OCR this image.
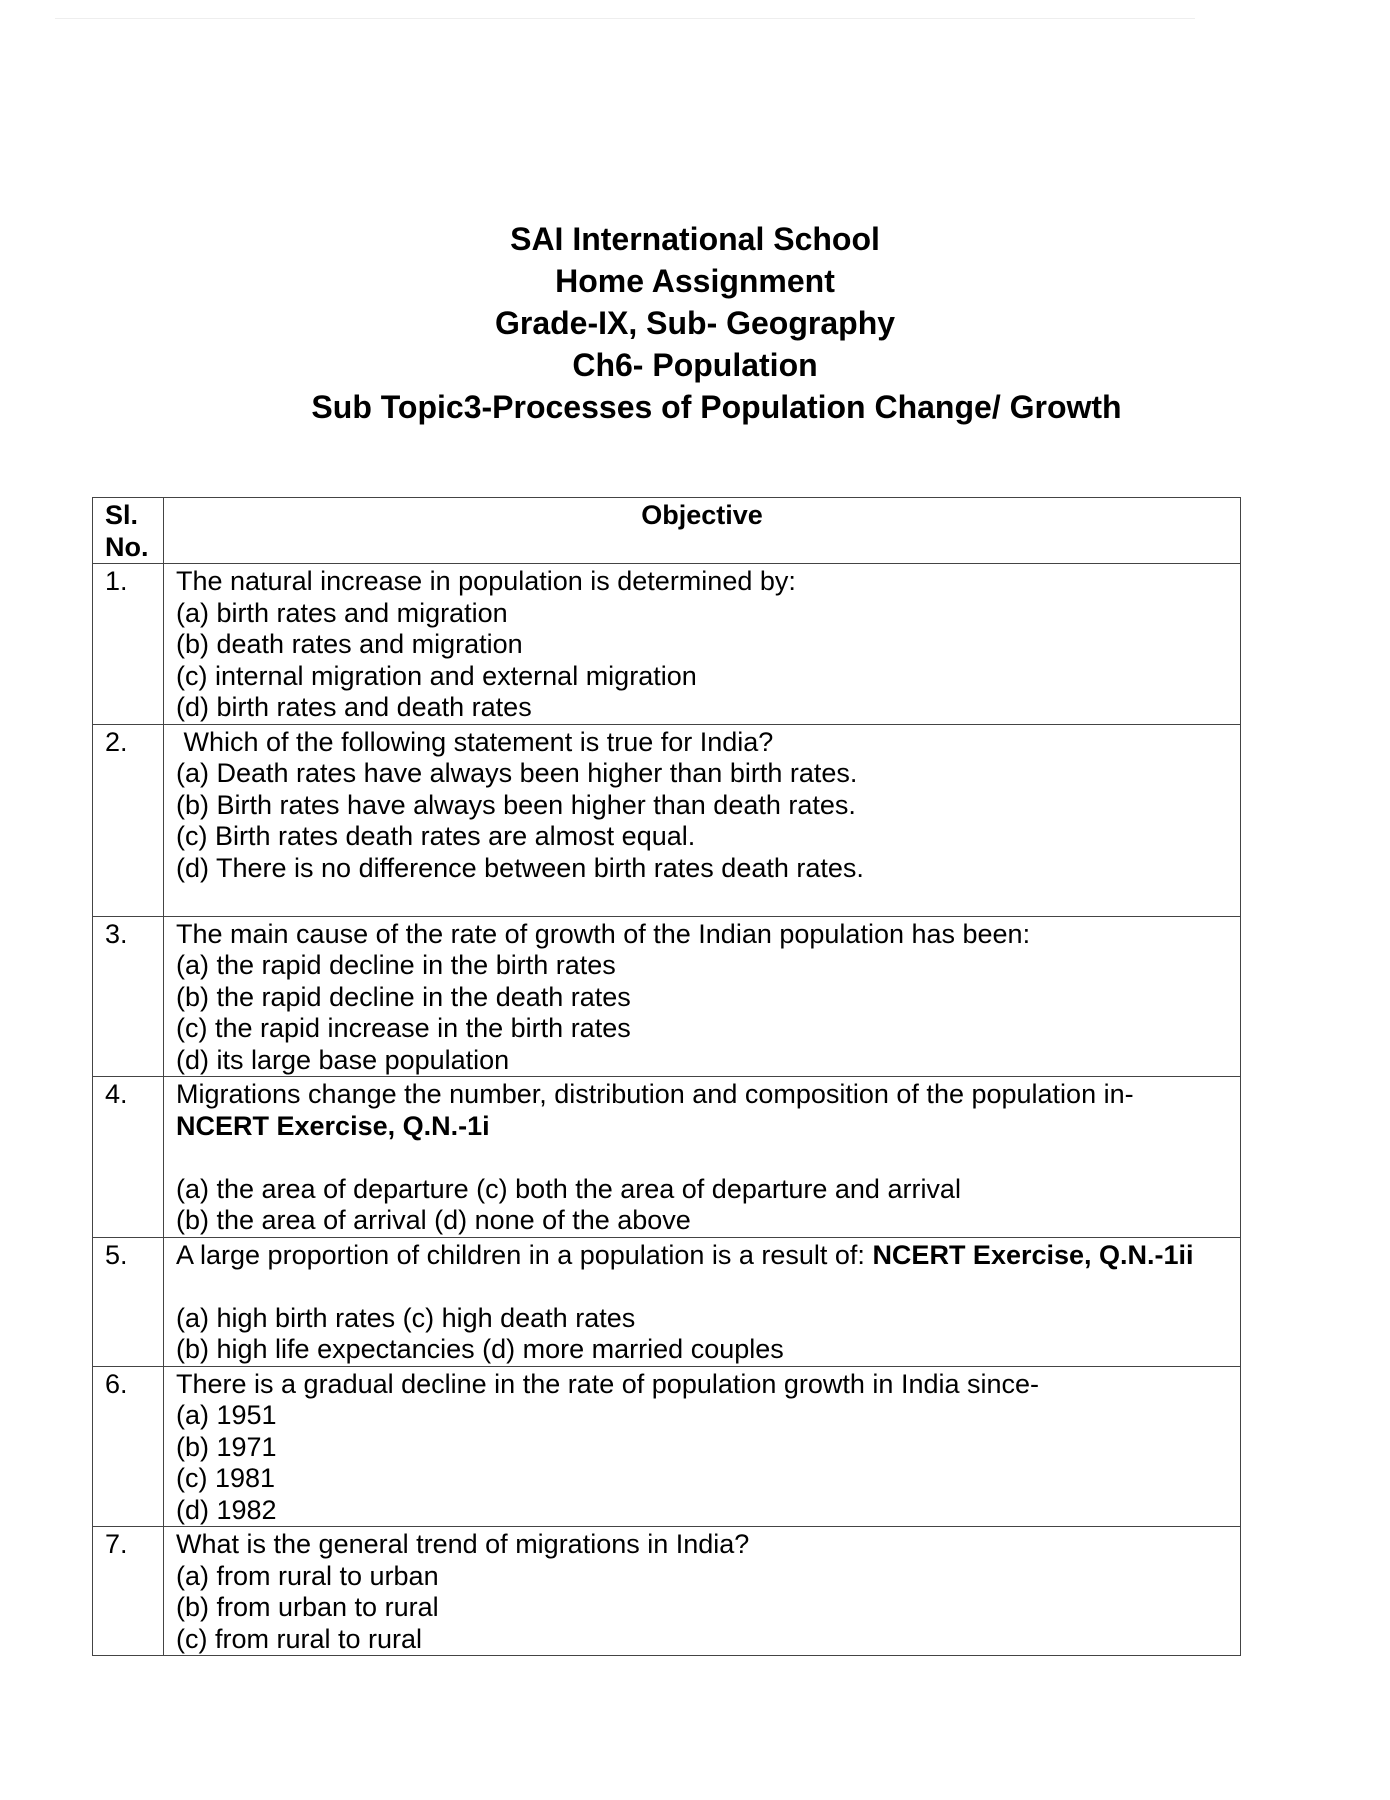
SAI International School
Home Assignment
Grade-IX, Sub- Geography
Ch6- Population
Sub Topic3-Processes of Population Change/ Growth
Sl.
No.	Objective
1.	The natural increase in population is determined by:
(a) birth rates and migration
(b) death rates and migration
(c) internal migration and external migration
(d) birth rates and death rates

2.	Which of the following statement is true for India?
(a) Death rates have always been higher than birth rates.
(b) Birth rates have always been higher than death rates.
(c) Birth rates death rates are almost equal.
(d) There is no difference between birth rates death rates.

3.	The main cause of the rate of growth of the Indian population has been:
(a) the rapid decline in the birth rates
(b) the rapid decline in the death rates
(c) the rapid increase in the birth rates
(d) its large base population

4.	Migrations change the number, distribution and composition of the population in-
NCERT Exercise, Q.N.-1i
(a) the area of departure (c) both the area of departure and arrival
(b) the area of arrival (d) none of the above

5.	A large proportion of children in a population is a result of: NCERT Exercise, Q.N.-1ii
(a) high birth rates (c) high death rates
(b) high life expectancies (d) more married couples

6.	There is a gradual decline in the rate of population growth in India since-
(a) 1951
(b) 1971
(c) 1981
(d) 1982

7.	What is the general trend of migrations in India?
(a) from rural to urban
(b) from urban to rural
(c) from rural to rural
